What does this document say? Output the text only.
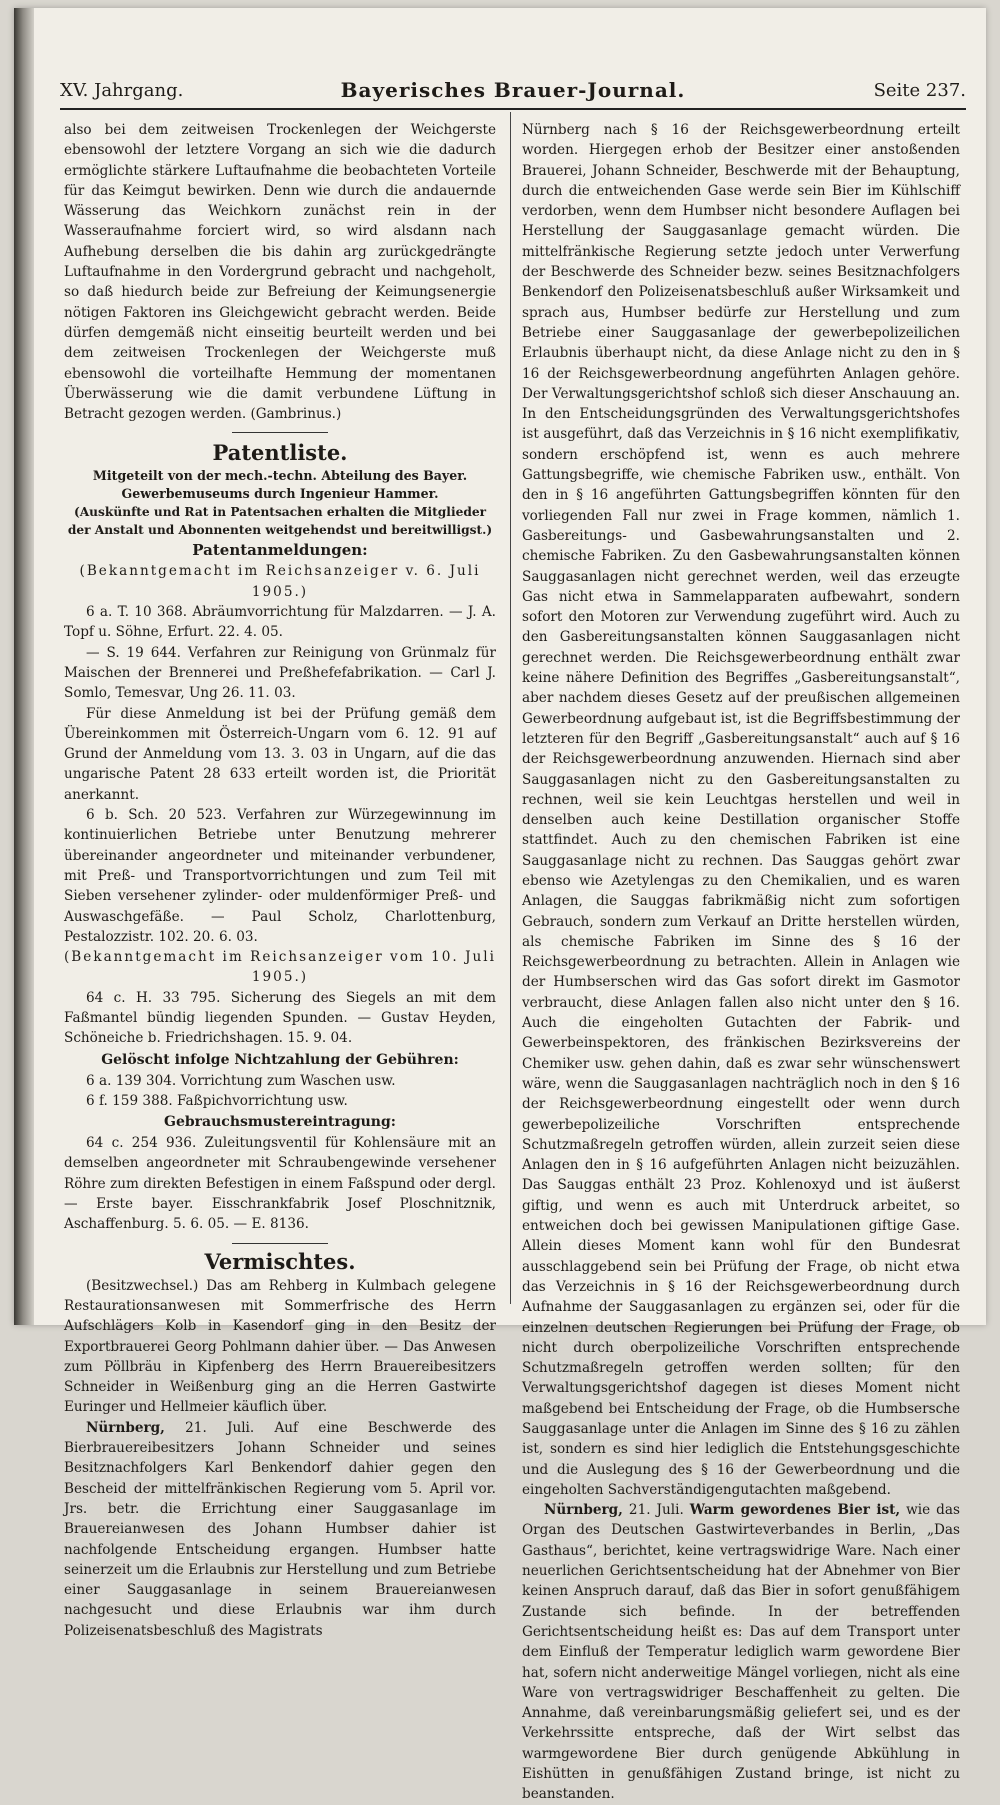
XV. Jahrgang.	Bayerisches Brauer-Journal.	Seite 237.

also bei dem zeitweisen Trockenlegen der Weichgerste ebensowohl der letztere Vorgang an sich wie die dadurch ermöglichte stärkere Luftaufnahme die beobachteten Vorteile für das Keimgut bewirken. Denn wie durch die andauernde Wässerung das Weichkorn zunächst rein in der Wasseraufnahme forciert wird, so wird alsdann nach Aufhebung derselben die bis dahin arg zurückgedrängte Luftaufnahme in den Vordergrund gebracht und nachgeholt, so daß hiedurch beide zur Befreiung der Keimungsenergie nötigen Faktoren ins Gleichgewicht gebracht werden. Beide dürfen demgemäß nicht einseitig beurteilt werden und bei dem zeitweisen Trockenlegen der Weichgerste muß ebensowohl die vorteilhafte Hemmung der momentanen Überwässerung wie die damit verbundene Lüftung in Betracht gezogen werden. (Gambrinus.)

Patentliste.

Mitgeteilt von der mech.-techn. Abteilung des Bayer. Gewerbemuseums durch Ingenieur Hammer.

(Auskünfte und Rat in Patentsachen erhalten die Mitglieder der Anstalt und Abonnenten weitgehendst und bereitwilligst.)

Patentanmeldungen:

(Bekanntgemacht im Reichsanzeiger v. 6. Juli 1905.)

6 a. T. 10 368. Abräumvorrichtung für Malzdarren. — J. A. Topf u. Söhne, Erfurt. 22. 4. 05.

— S. 19 644. Verfahren zur Reinigung von Grünmalz für Maischen der Brennerei und Preßhefefabrikation. — Carl J. Somlo, Temesvar, Ung 26. 11. 03.

Für diese Anmeldung ist bei der Prüfung gemäß dem Übereinkommen mit Österreich-Ungarn vom 6. 12. 91 auf Grund der Anmeldung vom 13. 3. 03 in Ungarn, auf die das ungarische Patent 28 633 erteilt worden ist, die Priorität anerkannt.

6 b. Sch. 20 523. Verfahren zur Würzegewinnung im kontinuierlichen Betriebe unter Benutzung mehrerer übereinander angeordneter und miteinander verbundener, mit Preß- und Transportvorrichtungen und zum Teil mit Sieben versehener zylinder- oder muldenförmiger Preß- und Auswaschgefäße. — Paul Scholz, Charlottenburg, Pestalozzistr. 102. 20. 6. 03.

(Bekanntgemacht im Reichsanzeiger vom 10. Juli 1905.)

64 c. H. 33 795. Sicherung des Siegels an mit dem Faßmantel bündig liegenden Spunden. — Gustav Heyden, Schöneiche b. Friedrichshagen. 15. 9. 04.

Gelöscht infolge Nichtzahlung der Gebühren:

6 a. 139 304. Vorrichtung zum Waschen usw.

6 f. 159 388. Faßpichvorrichtung usw.

Gebrauchsmustereintragung:

64 c. 254 936. Zuleitungsventil für Kohlensäure mit an demselben angeordneter mit Schraubengewinde versehener Röhre zum direkten Befestigen in einem Faßspund oder dergl. — Erste bayer. Eisschrankfabrik Josef Ploschnitznik, Aschaffenburg. 5. 6. 05. — E. 8136.

Vermischtes.

(Besitzwechsel.) Das am Rehberg in Kulmbach gelegene Restaurationsanwesen mit Sommerfrische des Herrn Aufschlägers Kolb in Kasendorf ging in den Besitz der Exportbrauerei Georg Pohlmann dahier über. — Das Anwesen zum Pöllbräu in Kipfenberg des Herrn Brauereibesitzers Schneider in Weißenburg ging an die Herren Gastwirte Euringer und Hellmeier käuflich über.

Nürnberg, 21. Juli. Auf eine Beschwerde des Bierbrauereibesitzers Johann Schneider und seines Besitznachfolgers Karl Benkendorf dahier gegen den Bescheid der mittelfränkischen Regierung vom 5. April vor. Jrs. betr. die Errichtung einer Sauggasanlage im Brauereianwesen des Johann Humbser dahier ist nachfolgende Entscheidung ergangen. Humbser hatte seinerzeit um die Erlaubnis zur Herstellung und zum Betriebe einer Sauggasanlage in seinem Brauereianwesen nachgesucht und diese Erlaubnis war ihm durch Polizeisenatsbeschluß des Magistrats

Nürnberg nach § 16 der Reichsgewerbeordnung erteilt worden. Hiergegen erhob der Besitzer einer anstoßenden Brauerei, Johann Schneider, Beschwerde mit der Behauptung, durch die entweichenden Gase werde sein Bier im Kühlschiff verdorben, wenn dem Humbser nicht besondere Auflagen bei Herstellung der Sauggasanlage gemacht würden. Die mittelfränkische Regierung setzte jedoch unter Verwerfung der Beschwerde des Schneider bezw. seines Besitznachfolgers Benkendorf den Polizeisenatsbeschluß außer Wirksamkeit und sprach aus, Humbser bedürfe zur Herstellung und zum Betriebe einer Sauggasanlage der gewerbepolizeilichen Erlaubnis überhaupt nicht, da diese Anlage nicht zu den in § 16 der Reichsgewerbeordnung angeführten Anlagen gehöre. Der Verwaltungsgerichtshof schloß sich dieser Anschauung an. In den Entscheidungsgründen des Verwaltungsgerichtshofes ist ausgeführt, daß das Verzeichnis in § 16 nicht exemplifikativ, sondern erschöpfend ist, wenn es auch mehrere Gattungsbegriffe, wie chemische Fabriken usw., enthält. Von den in § 16 angeführten Gattungsbegriffen könnten für den vorliegenden Fall nur zwei in Frage kommen, nämlich 1. Gasbereitungs- und Gasbewahrungsanstalten und 2. chemische Fabriken. Zu den Gasbewahrungsanstalten können Sauggasanlagen nicht gerechnet werden, weil das erzeugte Gas nicht etwa in Sammelapparaten aufbewahrt, sondern sofort den Motoren zur Verwendung zugeführt wird. Auch zu den Gasbereitungsanstalten können Sauggasanlagen nicht gerechnet werden. Die Reichsgewerbeordnung enthält zwar keine nähere Definition des Begriffes „Gasbereitungsanstalt“, aber nachdem dieses Gesetz auf der preußischen allgemeinen Gewerbeordnung aufgebaut ist, ist die Begriffsbestimmung der letzteren für den Begriff „Gasbereitungsanstalt“ auch auf § 16 der Reichsgewerbeordnung anzuwenden. Hiernach sind aber Sauggasanlagen nicht zu den Gasbereitungsanstalten zu rechnen, weil sie kein Leuchtgas herstellen und weil in denselben auch keine Destillation organischer Stoffe stattfindet. Auch zu den chemischen Fabriken ist eine Sauggasanlage nicht zu rechnen. Das Sauggas gehört zwar ebenso wie Azetylengas zu den Chemikalien, und es waren Anlagen, die Sauggas fabrikmäßig nicht zum sofortigen Gebrauch, sondern zum Verkauf an Dritte herstellen würden, als chemische Fabriken im Sinne des § 16 der Reichsgewerbeordnung zu betrachten. Allein in Anlagen wie der Humbserschen wird das Gas sofort direkt im Gasmotor verbraucht, diese Anlagen fallen also nicht unter den § 16. Auch die eingeholten Gutachten der Fabrik- und Gewerbeinspektoren, des fränkischen Bezirksvereins der Chemiker usw. gehen dahin, daß es zwar sehr wünschenswert wäre, wenn die Sauggasanlagen nachträglich noch in den § 16 der Reichsgewerbeordnung eingestellt oder wenn durch gewerbepolizeiliche Vorschriften entsprechende Schutzmaßregeln getroffen würden, allein zurzeit seien diese Anlagen den in § 16 aufgeführten Anlagen nicht beizuzählen. Das Sauggas enthält 23 Proz. Kohlenoxyd und ist äußerst giftig, und wenn es auch mit Unterdruck arbeitet, so entweichen doch bei gewissen Manipulationen giftige Gase. Allein dieses Moment kann wohl für den Bundesrat ausschlaggebend sein bei Prüfung der Frage, ob nicht etwa das Verzeichnis in § 16 der Reichsgewerbeordnung durch Aufnahme der Sauggasanlagen zu ergänzen sei, oder für die einzelnen deutschen Regierungen bei Prüfung der Frage, ob nicht durch oberpolizeiliche Vorschriften entsprechende Schutzmaßregeln getroffen werden sollten; für den Verwaltungsgerichtshof dagegen ist dieses Moment nicht maßgebend bei Entscheidung der Frage, ob die Humbsersche Sauggasanlage unter die Anlagen im Sinne des § 16 zu zählen ist, sondern es sind hier lediglich die Entstehungsgeschichte und die Auslegung des § 16 der Gewerbeordnung und die eingeholten Sachverständigengutachten maßgebend.

Nürnberg, 21. Juli. Warm gewordenes Bier ist, wie das Organ des Deutschen Gastwirteverbandes in Berlin, „Das Gasthaus“, berichtet, keine vertragswidrige Ware. Nach einer neuerlichen Gerichtsentscheidung hat der Abnehmer von Bier keinen Anspruch darauf, daß das Bier in sofort genußfähigem Zustande sich befinde. In der betreffenden Gerichtsentscheidung heißt es: Das auf dem Transport unter dem Einfluß der Temperatur lediglich warm gewordene Bier hat, sofern nicht anderweitige Mängel vorliegen, nicht als eine Ware von vertragswidriger Beschaffenheit zu gelten. Die Annahme, daß vereinbarungsmäßig geliefert sei, und es der Verkehrssitte entspreche, daß der Wirt selbst das warmgewordene Bier durch genügende Abkühlung in Eishütten in genußfähigen Zustand bringe, ist nicht zu beanstanden.
